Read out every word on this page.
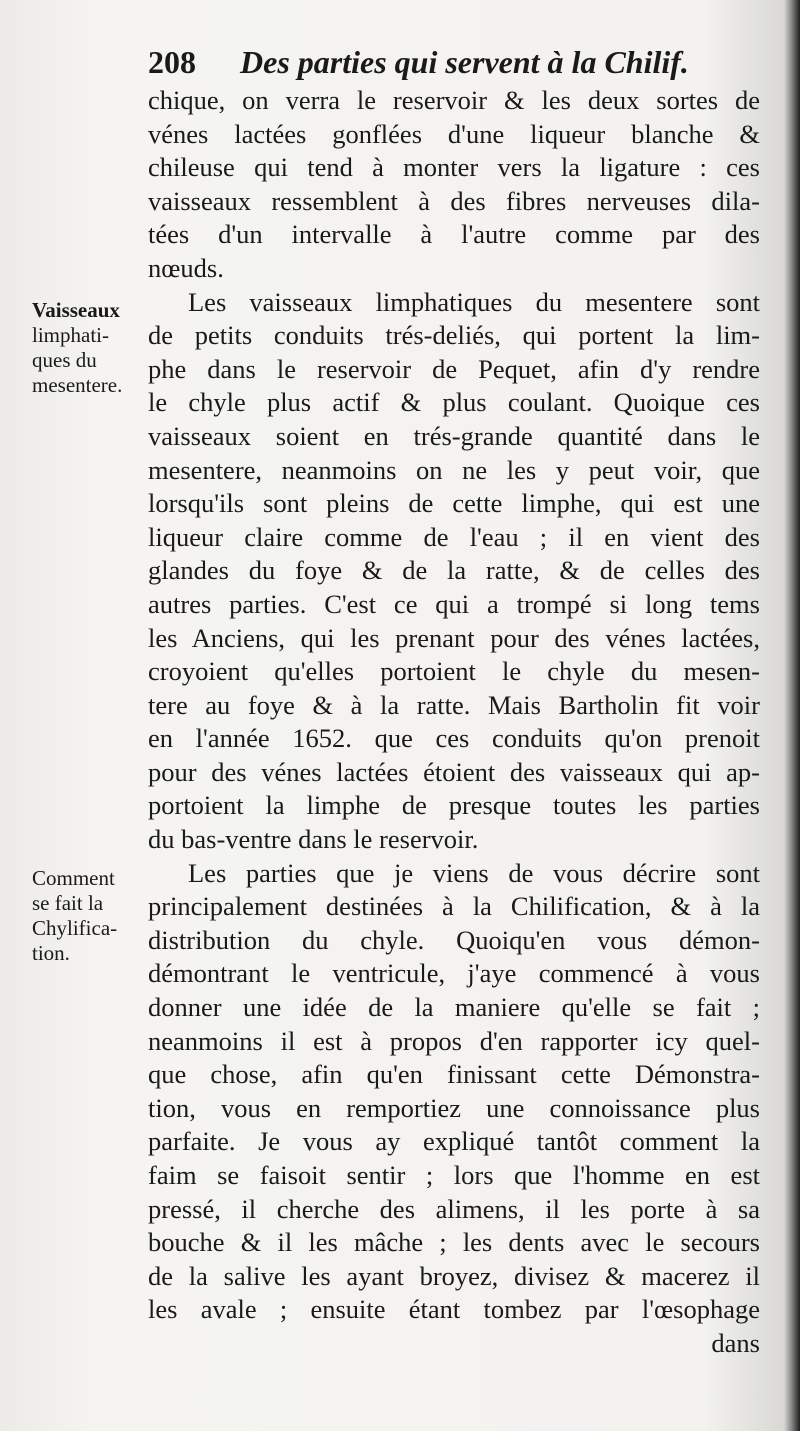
208 Des parties qui servent à la Chilif.
Vaisseaux
limphati-
ques du
mesentere.
Comment
se fait la
Chylifica-
tion.
chique, on verra le reservoir & les deux sortes de
vénes lactées gonflées d'une liqueur blanche &
chileuse qui tend à monter vers la ligature : ces
vaisseaux ressemblent à des fibres nerveuses dila-
tées d'un intervalle à l'autre comme par des
nœuds.
Les vaisseaux limphatiques du mesentere sont
de petits conduits trés-deliés, qui portent la lim-
phe dans le reservoir de Pequet, afin d'y rendre
le chyle plus actif & plus coulant. Quoique ces
vaisseaux soient en trés-grande quantité dans le
mesentere, neanmoins on ne les y peut voir, que
lorsqu'ils sont pleins de cette limphe, qui est une
liqueur claire comme de l'eau ; il en vient des
glandes du foye & de la ratte, & de celles des
autres parties. C'est ce qui a trompé si long tems
les Anciens, qui les prenant pour des vénes lactées,
croyoient qu'elles portoient le chyle du mesen-
tere au foye & à la ratte. Mais Bartholin fit voir
en l'année 1652. que ces conduits qu'on prenoit
pour des vénes lactées étoient des vaisseaux qui ap-
portoient la limphe de presque toutes les parties
du bas-ventre dans le reservoir.
Les parties que je viens de vous décrire sont
principalement destinées à la Chilification, & à la
distribution du chyle. Quoiqu'en vous démon-
démontrant le ventricule, j'aye commencé à vous
donner une idée de la maniere qu'elle se fait ;
neanmoins il est à propos d'en rapporter icy quel-
que chose, afin qu'en finissant cette Démonstra-
tion, vous en remportiez une connoissance plus
parfaite. Je vous ay expliqué tantôt comment la
faim se faisoit sentir ; lors que l'homme en est
pressé, il cherche des alimens, il les porte à sa
bouche & il les mâche ; les dents avec le secours
de la salive les ayant broyez, divisez & macerez il
les avale ; ensuite étant tombez par l'œsophage
dans
